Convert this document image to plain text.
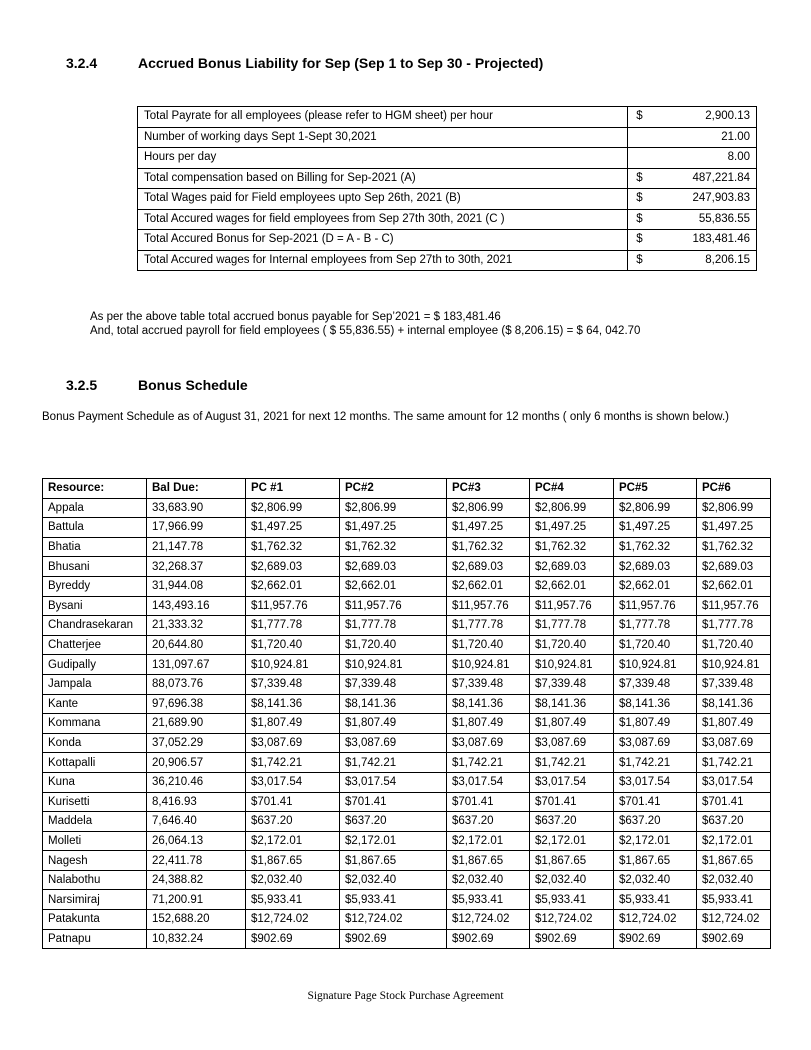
3.2.4	Accrued Bonus Liability for Sep (Sep 1 to Sep 30 - Projected)
Total Payrate for all employees (please refer to HGM sheet) per hour	$	2,900.13
Number of working days Sept 1-Sept 30,2021		21.00
Hours per day		8.00
Total compensation based on Billing for Sep-2021 (A)	$	487,221.84
Total Wages paid for Field employees upto Sep 26th, 2021 (B)	$	247,903.83
Total Accured wages for field employees from Sep 27th 30th, 2021 (C )	$	55,836.55
Total Accured Bonus for Sep-2021 (D = A - B - C)	$	183,481.46
Total Accured wages for Internal employees from Sep 27th to 30th, 2021	$	8,206.15
As per the above table total accrued bonus payable for Sep’2021 = $ 183,481.46
And, total accrued payroll for field employees ( $ 55,836.55) + internal employee ($ 8,206.15) = $ 64, 042.70
3.2.5	Bonus Schedule
Bonus Payment Schedule as of August 31, 2021 for next 12 months. The same amount for 12 months ( only 6 months is shown below.)
Resource:	Bal Due:	PC #1	PC#2	PC#3	PC#4	PC#5	PC#6
Appala	33,683.90	$2,806.99	$2,806.99	$2,806.99	$2,806.99	$2,806.99	$2,806.99
Battula	17,966.99	$1,497.25	$1,497.25	$1,497.25	$1,497.25	$1,497.25	$1,497.25
Bhatia	21,147.78	$1,762.32	$1,762.32	$1,762.32	$1,762.32	$1,762.32	$1,762.32
Bhusani	32,268.37	$2,689.03	$2,689.03	$2,689.03	$2,689.03	$2,689.03	$2,689.03
Byreddy	31,944.08	$2,662.01	$2,662.01	$2,662.01	$2,662.01	$2,662.01	$2,662.01
Bysani	143,493.16	$11,957.76	$11,957.76	$11,957.76	$11,957.76	$11,957.76	$11,957.76
Chandrasekaran	21,333.32	$1,777.78	$1,777.78	$1,777.78	$1,777.78	$1,777.78	$1,777.78
Chatterjee	20,644.80	$1,720.40	$1,720.40	$1,720.40	$1,720.40	$1,720.40	$1,720.40
Gudipally	131,097.67	$10,924.81	$10,924.81	$10,924.81	$10,924.81	$10,924.81	$10,924.81
Jampala	88,073.76	$7,339.48	$7,339.48	$7,339.48	$7,339.48	$7,339.48	$7,339.48
Kante	97,696.38	$8,141.36	$8,141.36	$8,141.36	$8,141.36	$8,141.36	$8,141.36
Kommana	21,689.90	$1,807.49	$1,807.49	$1,807.49	$1,807.49	$1,807.49	$1,807.49
Konda	37,052.29	$3,087.69	$3,087.69	$3,087.69	$3,087.69	$3,087.69	$3,087.69
Kottapalli	20,906.57	$1,742.21	$1,742.21	$1,742.21	$1,742.21	$1,742.21	$1,742.21
Kuna	36,210.46	$3,017.54	$3,017.54	$3,017.54	$3,017.54	$3,017.54	$3,017.54
Kurisetti	8,416.93	$701.41	$701.41	$701.41	$701.41	$701.41	$701.41
Maddela	7,646.40	$637.20	$637.20	$637.20	$637.20	$637.20	$637.20
Molleti	26,064.13	$2,172.01	$2,172.01	$2,172.01	$2,172.01	$2,172.01	$2,172.01
Nagesh	22,411.78	$1,867.65	$1,867.65	$1,867.65	$1,867.65	$1,867.65	$1,867.65
Nalabothu	24,388.82	$2,032.40	$2,032.40	$2,032.40	$2,032.40	$2,032.40	$2,032.40
Narsimiraj	71,200.91	$5,933.41	$5,933.41	$5,933.41	$5,933.41	$5,933.41	$5,933.41
Patakunta	152,688.20	$12,724.02	$12,724.02	$12,724.02	$12,724.02	$12,724.02	$12,724.02
Patnapu	10,832.24	$902.69	$902.69	$902.69	$902.69	$902.69	$902.69
Signature Page Stock Purchase Agreement
